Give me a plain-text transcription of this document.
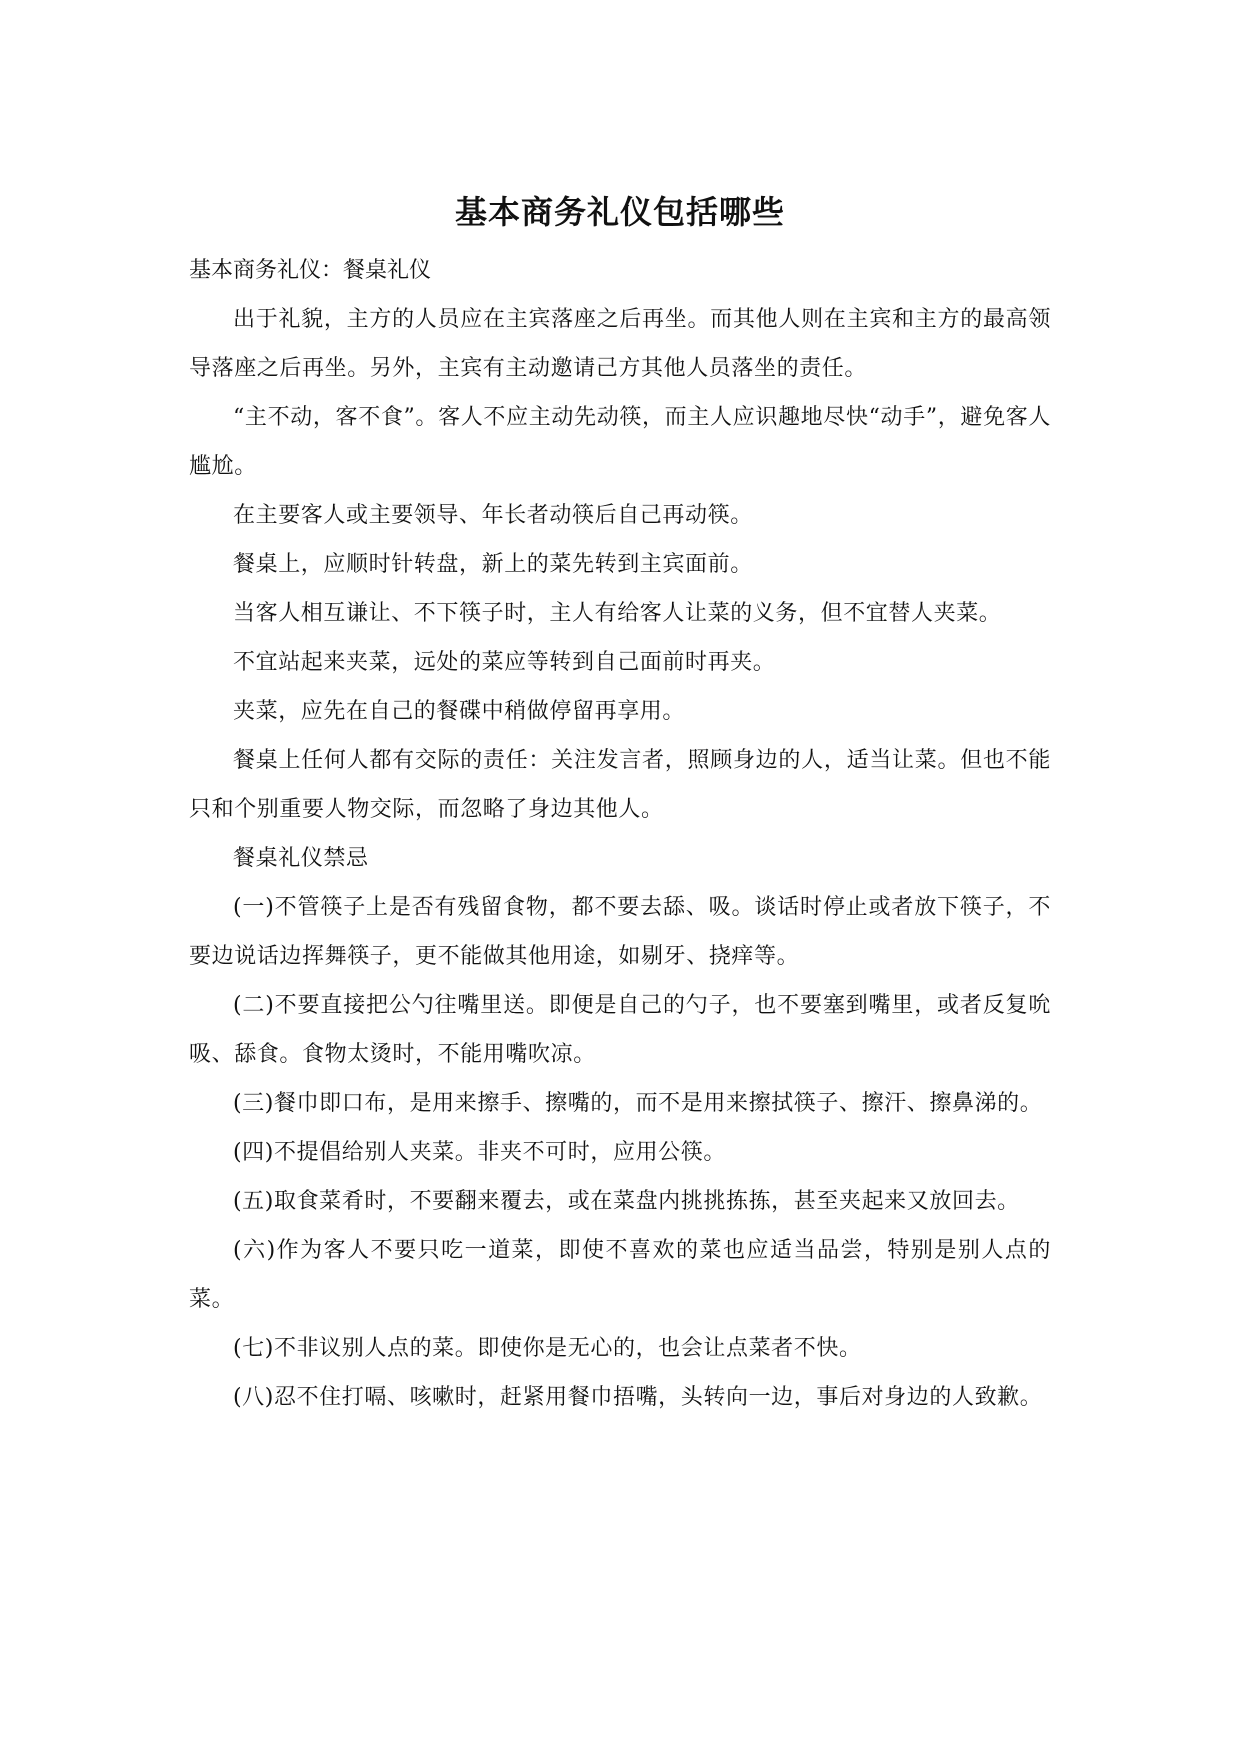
基本商务礼仪包括哪些

基本商务礼仪：餐桌礼仪

出于礼貌，主方的人员应在主宾落座之后再坐。而其他人则在主宾和主方的最高领导落座之后再坐。另外，主宾有主动邀请己方其他人员落坐的责任。

“主不动，客不食”。客人不应主动先动筷，而主人应识趣地尽快“动手”，避免客人尴尬。

在主要客人或主要领导、年长者动筷后自己再动筷。

餐桌上，应顺时针转盘，新上的菜先转到主宾面前。

当客人相互谦让、不下筷子时，主人有给客人让菜的义务，但不宜替人夹菜。

不宜站起来夹菜，远处的菜应等转到自己面前时再夹。

夹菜，应先在自己的餐碟中稍做停留再享用。

餐桌上任何人都有交际的责任：关注发言者，照顾身边的人，适当让菜。但也不能只和个别重要人物交际，而忽略了身边其他人。

餐桌礼仪禁忌

(一)不管筷子上是否有残留食物，都不要去舔、吸。谈话时停止或者放下筷子，不要边说话边挥舞筷子，更不能做其他用途，如剔牙、挠痒等。

(二)不要直接把公勺往嘴里送。即便是自己的勺子，也不要塞到嘴里，或者反复吮吸、舔食。食物太烫时，不能用嘴吹凉。

(三)餐巾即口布，是用来擦手、擦嘴的，而不是用来擦拭筷子、擦汗、擦鼻涕的。

(四)不提倡给别人夹菜。非夹不可时，应用公筷。

(五)取食菜肴时，不要翻来覆去，或在菜盘内挑挑拣拣，甚至夹起来又放回去。

(六)作为客人不要只吃一道菜，即使不喜欢的菜也应适当品尝，特别是别人点的菜。

(七)不非议别人点的菜。即使你是无心的，也会让点菜者不快。

(八)忍不住打嗝、咳嗽时，赶紧用餐巾捂嘴，头转向一边，事后对身边的人致歉。
